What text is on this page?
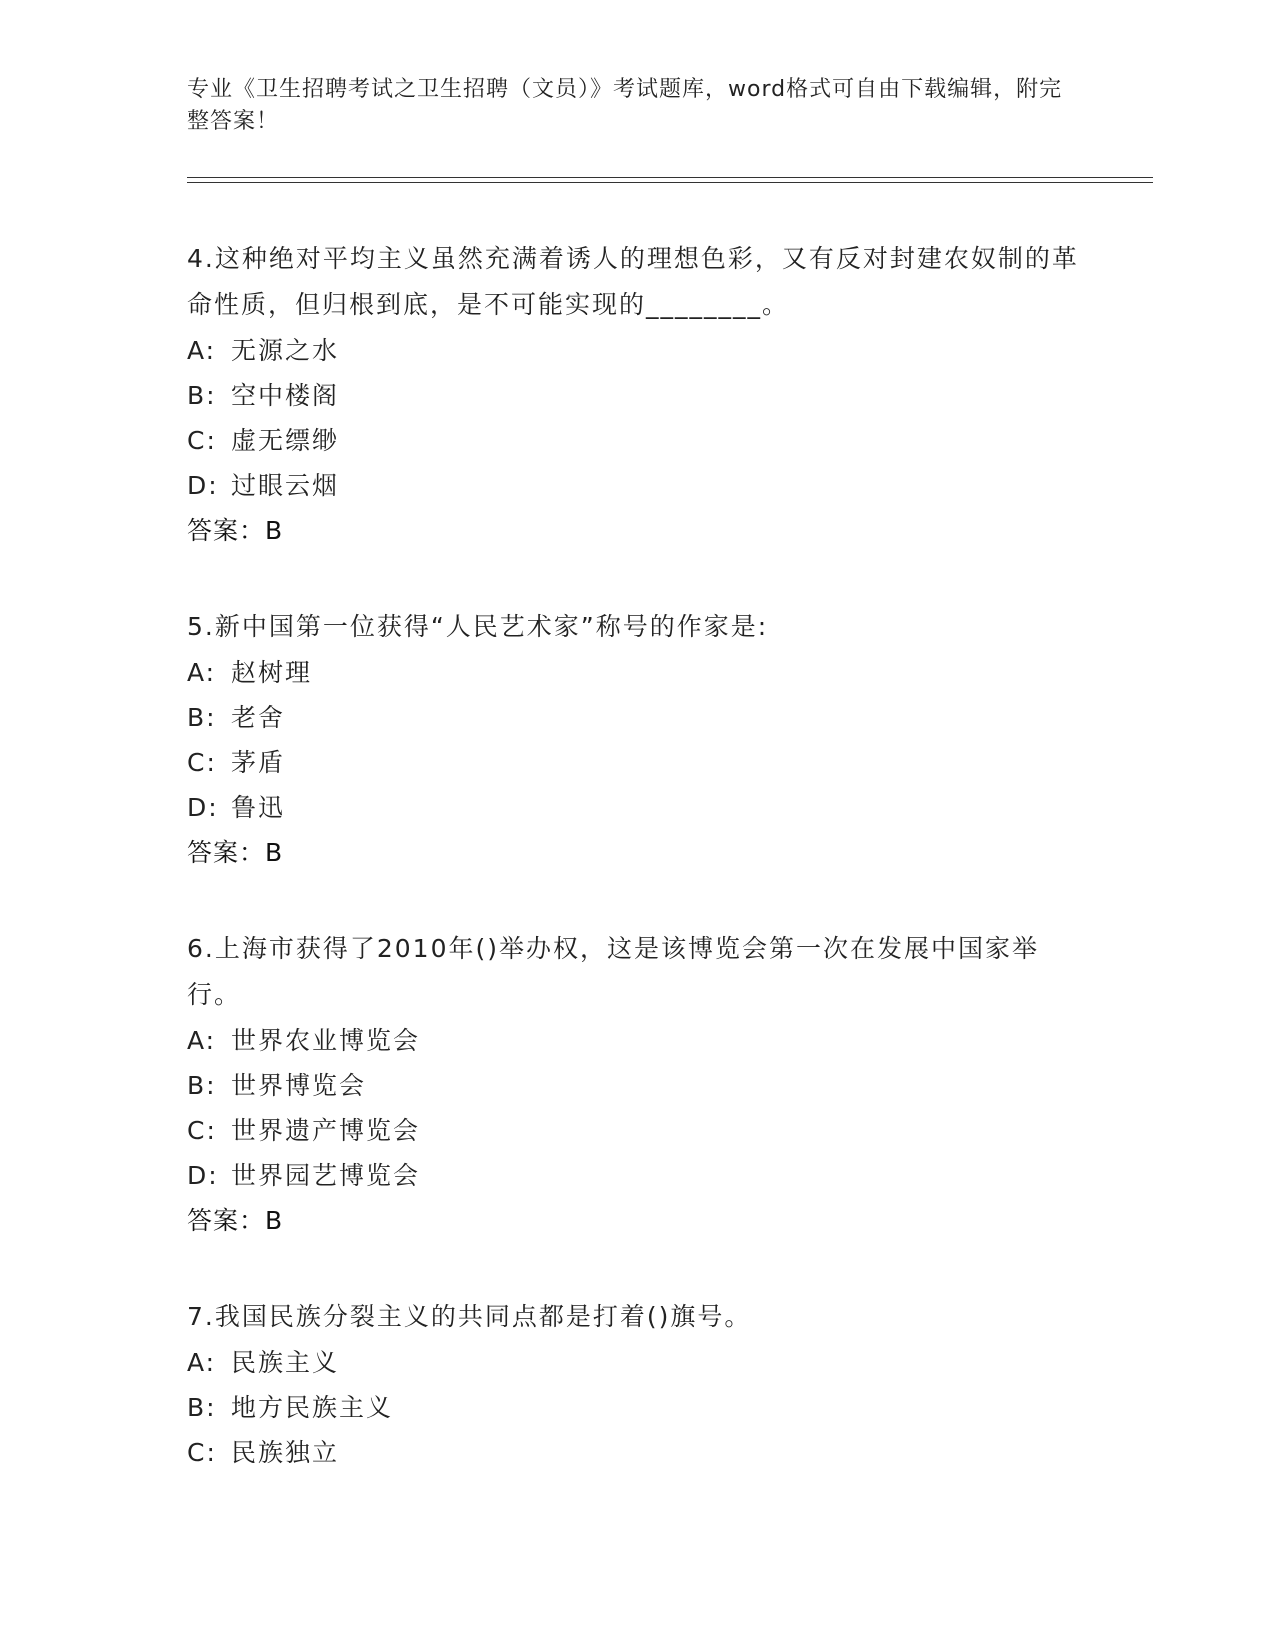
专业《卫生招聘考试之卫生招聘（文员）》考试题库，word格式可自由下载编辑，附完整答案！

4.这种绝对平均主义虽然充满着诱人的理想色彩，又有反对封建农奴制的革命性质，但归根到底，是不可能实现的________。

A: 无源之水
B: 空中楼阁
C: 虚无缥缈
D: 过眼云烟
答案：B

5.新中国第一位获得“人民艺术家”称号的作家是:

A: 赵树理
B: 老舍
C: 茅盾
D: 鲁迅
答案：B

6.上海市获得了2010年()举办权，这是该博览会第一次在发展中国家举行。

A: 世界农业博览会
B: 世界博览会
C: 世界遗产博览会
D: 世界园艺博览会
答案：B

7.我国民族分裂主义的共同点都是打着()旗号。

A: 民族主义
B: 地方民族主义
C: 民族独立
